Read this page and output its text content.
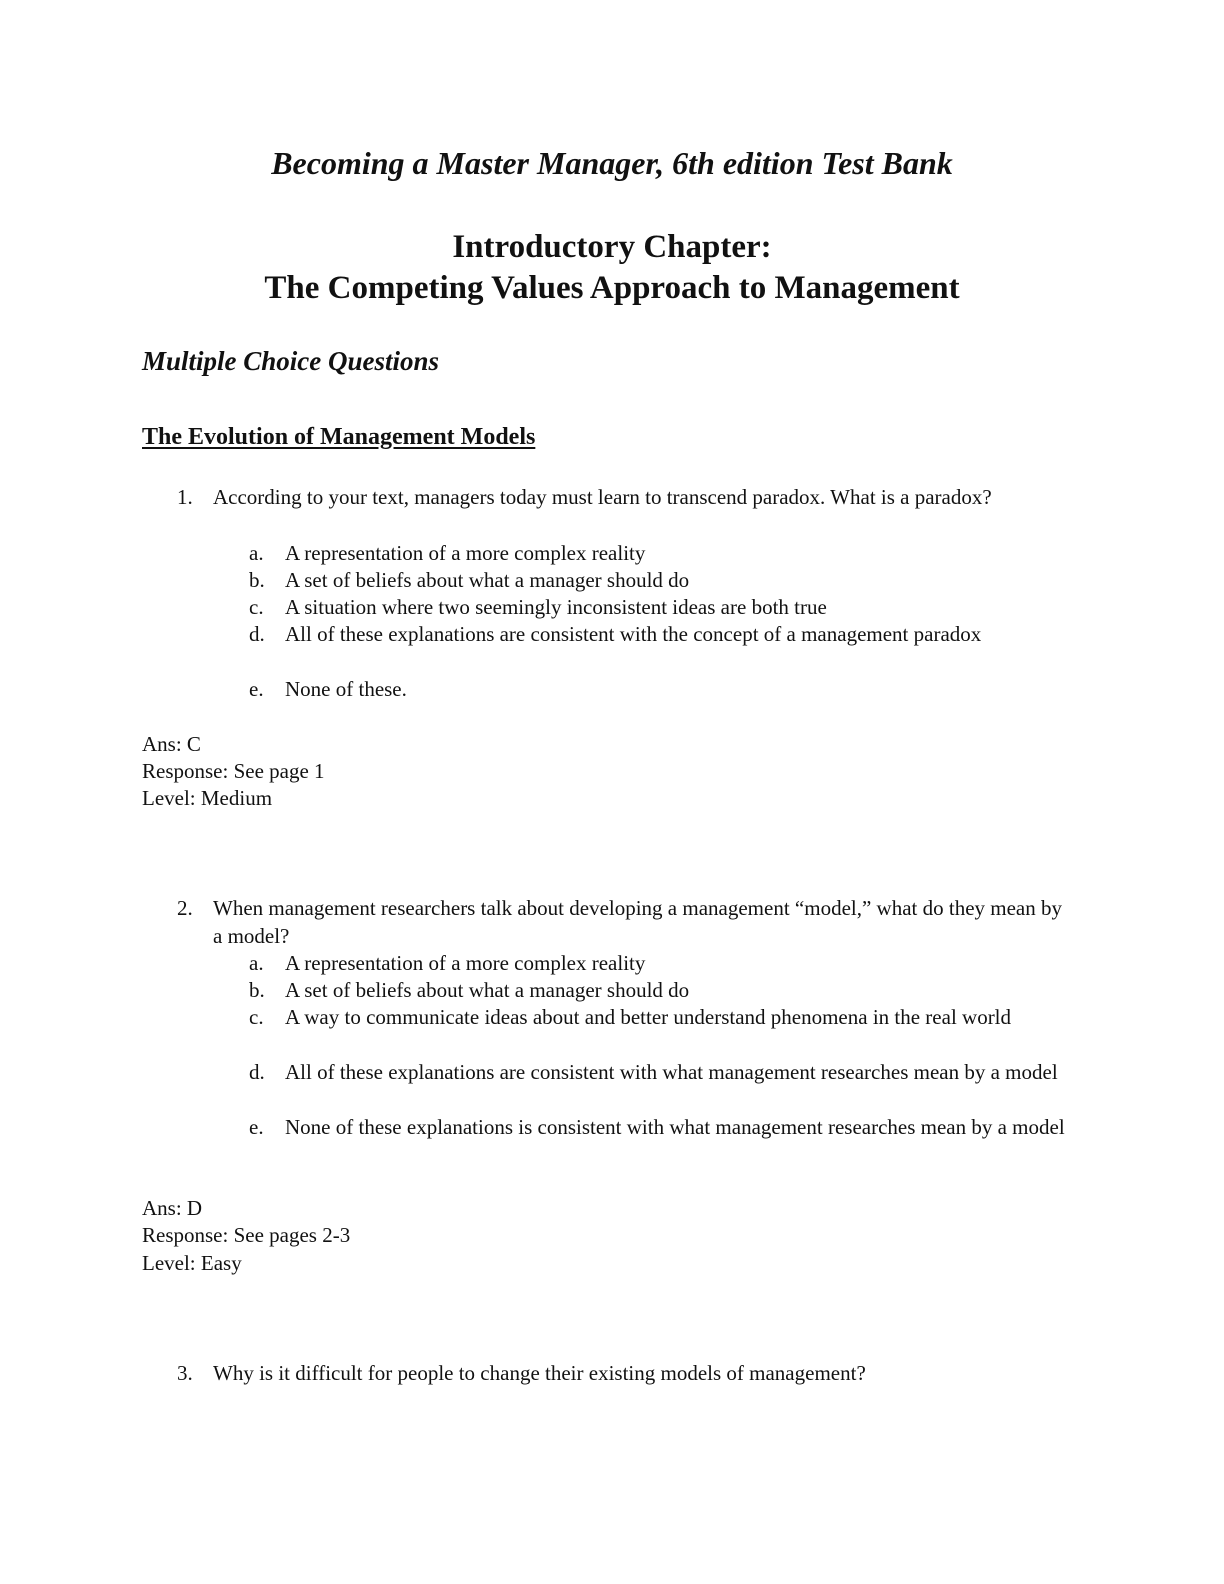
Becoming a Master Manager, 6th edition Test Bank
Introductory Chapter:
The Competing Values Approach to Management
Multiple Choice Questions
The Evolution of Management Models
1. According to your text, managers today must learn to transcend paradox. What is a paradox?
a.	A representation of a more complex reality
b. A set of beliefs about what a manager should do
c.	A situation where two seemingly inconsistent ideas are both true
d. All of these explanations are consistent with the concept of a management paradox
e.	None of these.
Ans: C
Response: See page 1
Level: Medium
2. When management researchers talk about developing a management “model,” what do they mean by a model?
a.	A representation of a more complex reality
b. A set of beliefs about what a manager should do
c.	A way to communicate ideas about and better understand phenomena in the real world
d. All of these explanations are consistent with what management researches mean by a model
e.	None of these explanations is consistent with what management researches mean by a model
Ans: D
Response: See pages 2-3
Level: Easy
3. Why is it difficult for people to change their existing models of management?
